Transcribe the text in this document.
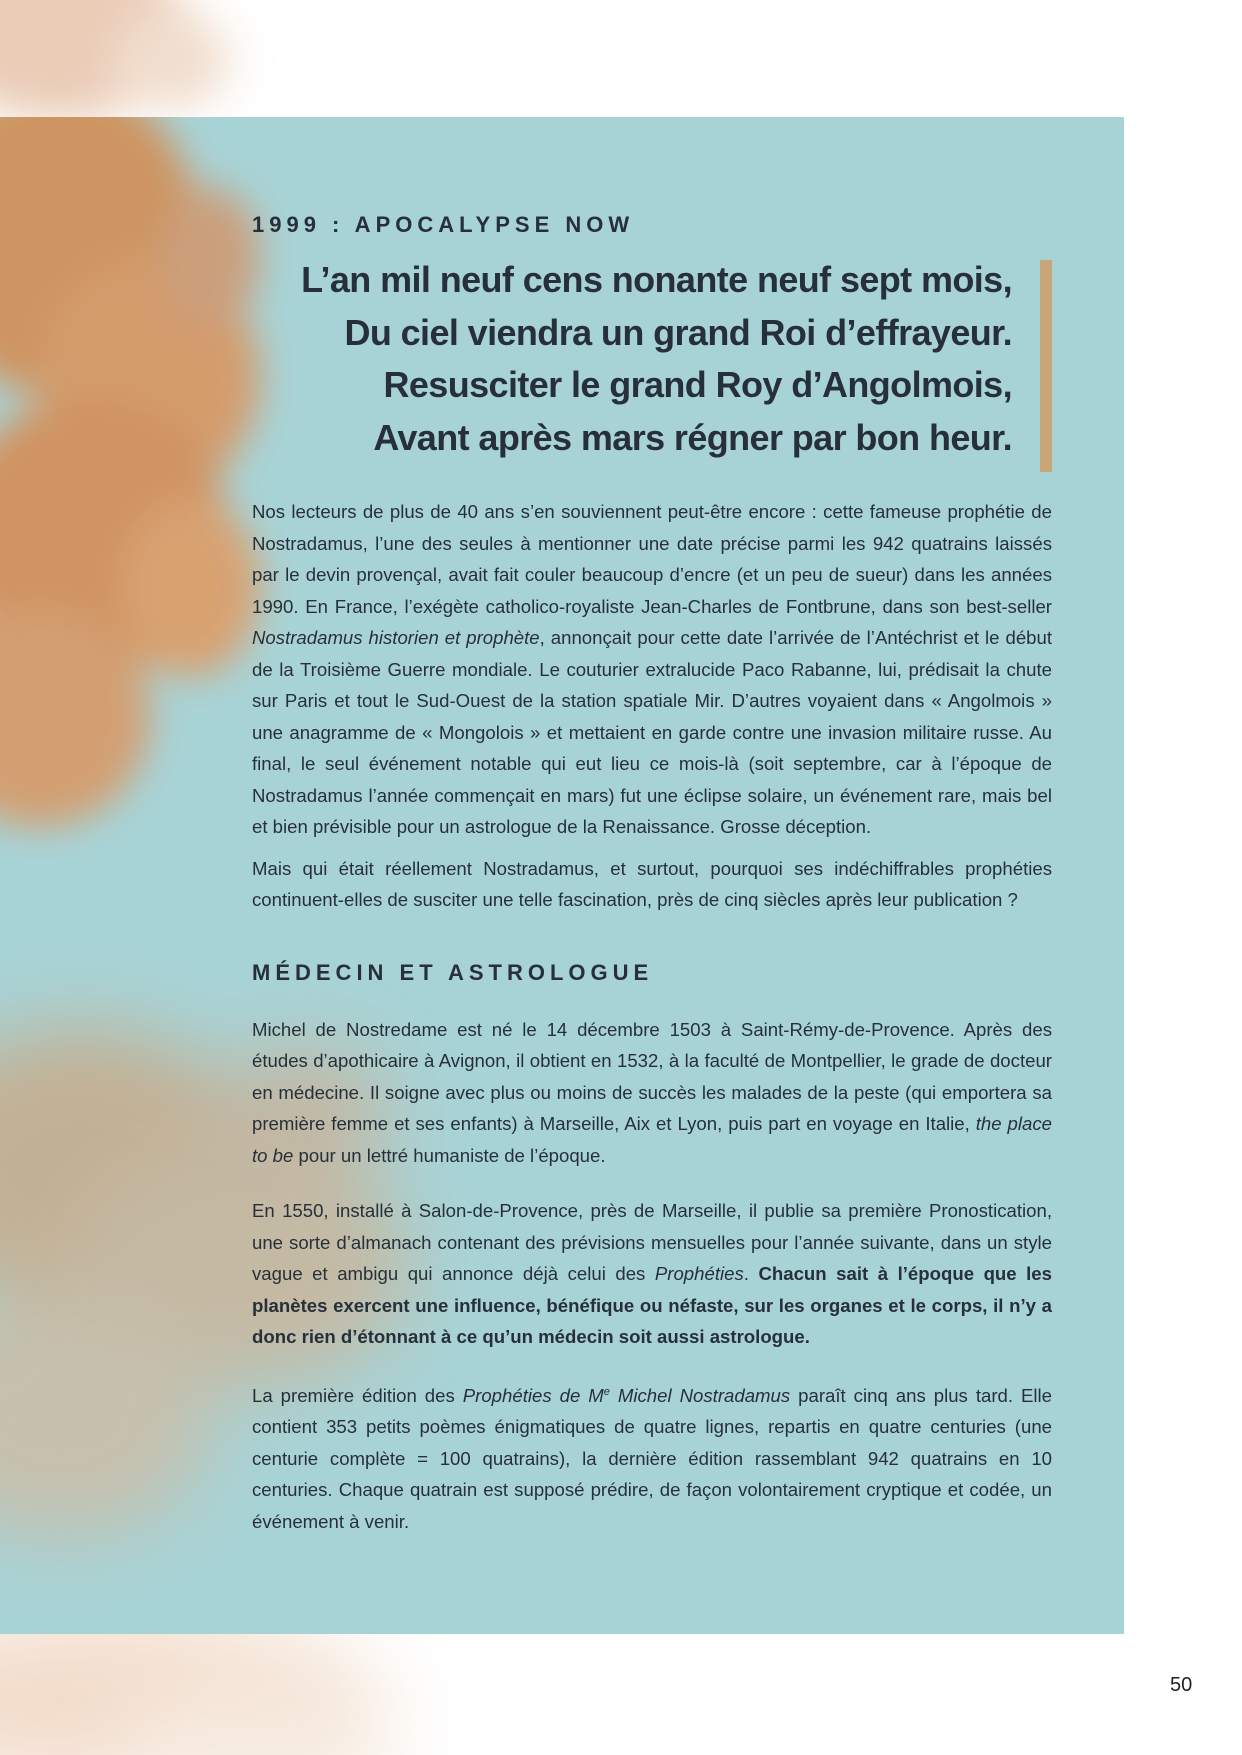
1999 : APOCALYPSE NOW

L’an mil neuf cens nonante neuf sept mois,
Du ciel viendra un grand Roi d’effrayeur.
Resusciter le grand Roy d’Angolmois,
Avant après mars régner par bon heur.

Nos lecteurs de plus de 40 ans s’en souviennent peut-être encore : cette fameuse prophétie de Nostradamus, l’une des seules à mentionner une date précise parmi les 942 quatrains laissés par le devin provençal, avait fait couler beaucoup d’encre (et un peu de sueur) dans les années 1990. En France, l’exégète catholico-royaliste Jean-Charles de Fontbrune, dans son best-seller Nostradamus historien et prophète, annonçait pour cette date l’arrivée de l’Antéchrist et le début de la Troisième Guerre mondiale. Le couturier extralucide Paco Rabanne, lui, prédisait la chute sur Paris et tout le Sud-Ouest de la station spatiale Mir. D’autres voyaient dans « Angolmois » une anagramme de « Mongolois » et mettaient en garde contre une invasion militaire russe. Au final, le seul événement notable qui eut lieu ce mois-là (soit septembre, car à l’époque de Nostradamus l’année commençait en mars) fut une éclipse solaire, un événement rare, mais bel et bien prévisible pour un astrologue de la Renaissance. Grosse déception.

Mais qui était réellement Nostradamus, et surtout, pourquoi ses indéchiffrables prophéties continuent-elles de susciter une telle fascination, près de cinq siècles après leur publication ?

MÉDECIN ET ASTROLOGUE

Michel de Nostredame est né le 14 décembre 1503 à Saint-Rémy-de-Provence. Après des études d’apothicaire à Avignon, il obtient en 1532, à la faculté de Montpellier, le grade de docteur en médecine. Il soigne avec plus ou moins de succès les malades de la peste (qui emportera sa première femme et ses enfants) à Marseille, Aix et Lyon, puis part en voyage en Italie, the place to be pour un lettré humaniste de l’époque.

En 1550, installé à Salon-de-Provence, près de Marseille, il publie sa première Pronostication, une sorte d’almanach contenant des prévisions mensuelles pour l’année suivante, dans un style vague et ambigu qui annonce déjà celui des Prophéties. Chacun sait à l’époque que les planètes exercent une influence, bénéfique ou néfaste, sur les organes et le corps, il n’y a donc rien d’étonnant à ce qu’un médecin soit aussi astrologue.

La première édition des Prophéties de Me Michel Nostradamus paraît cinq ans plus tard. Elle contient 353 petits poèmes énigmatiques de quatre lignes, repartis en quatre centuries (une centurie complète = 100 quatrains), la dernière édition rassemblant 942 quatrains en 10 centuries. Chaque quatrain est supposé prédire, de façon volontairement cryptique et codée, un événement à venir.

50
